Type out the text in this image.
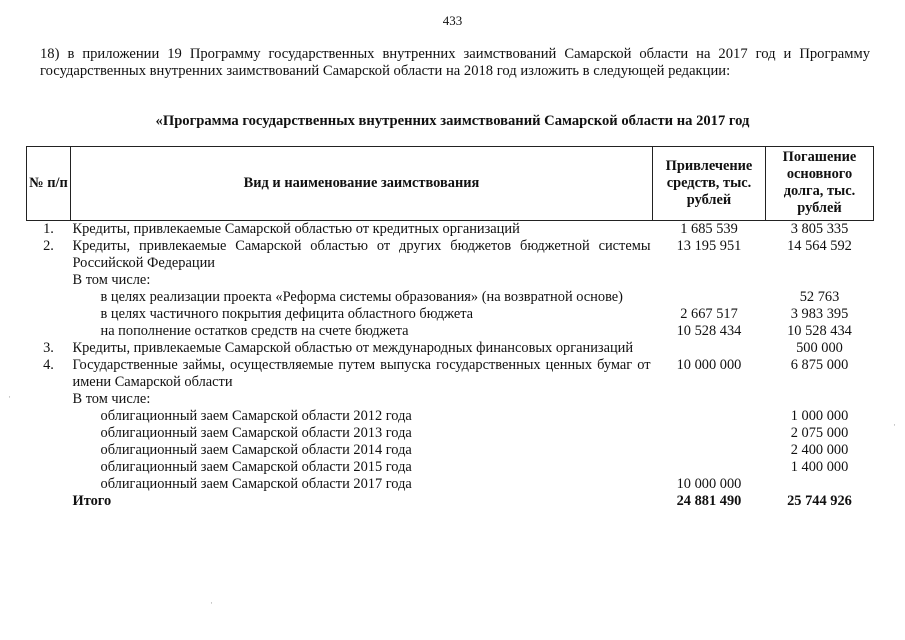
433
18) в приложении 19 Программу государственных внутренних заимствований Самарской области на 2017 год и Программу
государственных внутренних заимствований Самарской области на 2018 год изложить в следующей редакции:
«Программа государственных внутренних заимствований Самарской области на 2017 год
№ п/п	Вид и наименование заимствования	Привлечение средств, тыс. рублей	Погашение основного долга, тыс. рублей
1.	Кредиты, привлекаемые Самарской областью от кредитных организаций	1 685 539	3 805 335
2.	Кредиты, привлекаемые Самарской областью от других бюджетов бюджетной системы Российской Федерации	13 195 951	14 564 592
	В том числе:		
	в целях реализации проекта «Реформа системы образования» (на возвратной основе)		52 763
	в целях частичного покрытия дефицита областного бюджета	2 667 517	3 983 395
	на пополнение остатков средств на счете бюджета	10 528 434	10 528 434
3.	Кредиты, привлекаемые Самарской областью от международных финансовых организаций		500 000
4.	Государственные займы, осуществляемые путем выпуска государственных ценных бумаг от имени Самарской области	10 000 000	6 875 000
	В том числе:		
	облигационный заем Самарской области 2012 года		1 000 000
	облигационный заем Самарской области 2013 года		2 075 000
	облигационный заем Самарской области 2014 года		2 400 000
	облигационный заем Самарской области 2015 года		1 400 000
	облигационный заем Самарской области 2017 года	10 000 000	
	Итого	24 881 490	25 744 926
·
·
·
